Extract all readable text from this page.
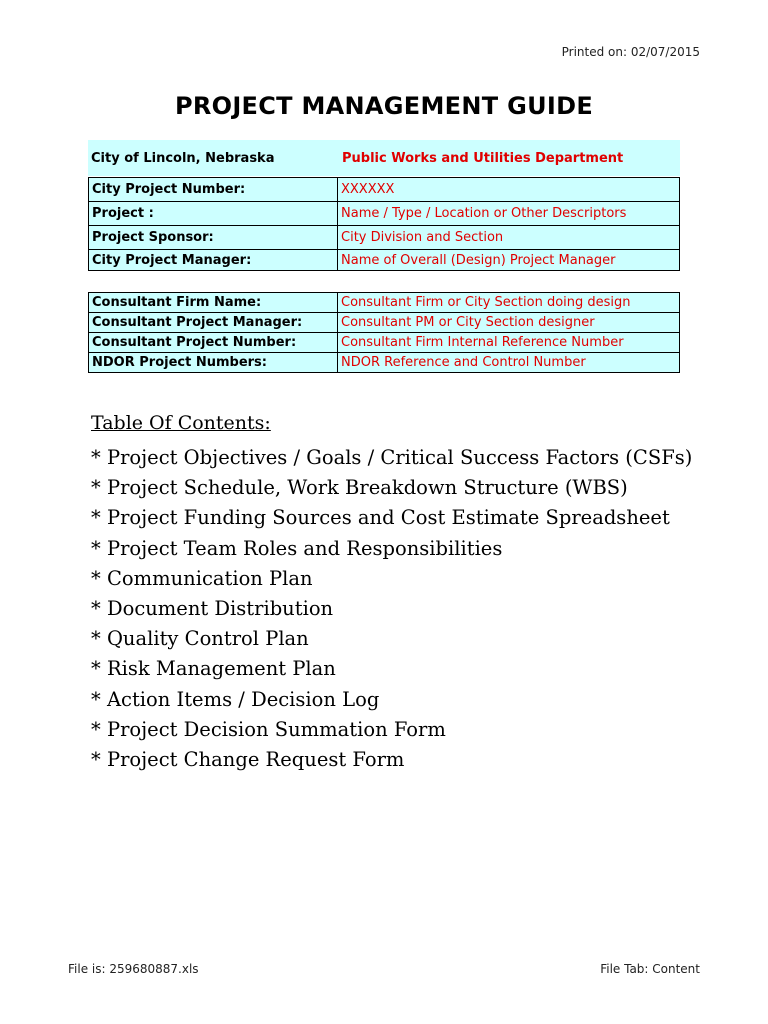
Printed on: 02/07/2015
PROJECT MANAGEMENT GUIDE
City of Lincoln, Nebraska	Public Works and Utilities Department
City Project Number:	XXXXXX
Project :	Name / Type / Location or Other Descriptors
Project Sponsor:	City Division and Section
City Project Manager:	Name of Overall (Design) Project Manager
Consultant Firm Name:	Consultant Firm or City Section doing design
Consultant Project Manager:	Consultant PM or City Section designer
Consultant Project Number:	Consultant Firm Internal Reference Number
NDOR Project Numbers:	NDOR Reference and Control Number
Table Of Contents:
* Project Objectives / Goals / Critical Success Factors (CSFs)
* Project Schedule, Work Breakdown Structure (WBS)
* Project Funding Sources and Cost Estimate Spreadsheet
* Project Team Roles and Responsibilities
* Communication Plan
* Document Distribution
* Quality Control Plan
* Risk Management Plan
* Action Items / Decision Log
* Project Decision Summation Form
* Project Change Request Form
File is: 259680887.xls	File Tab: Content
